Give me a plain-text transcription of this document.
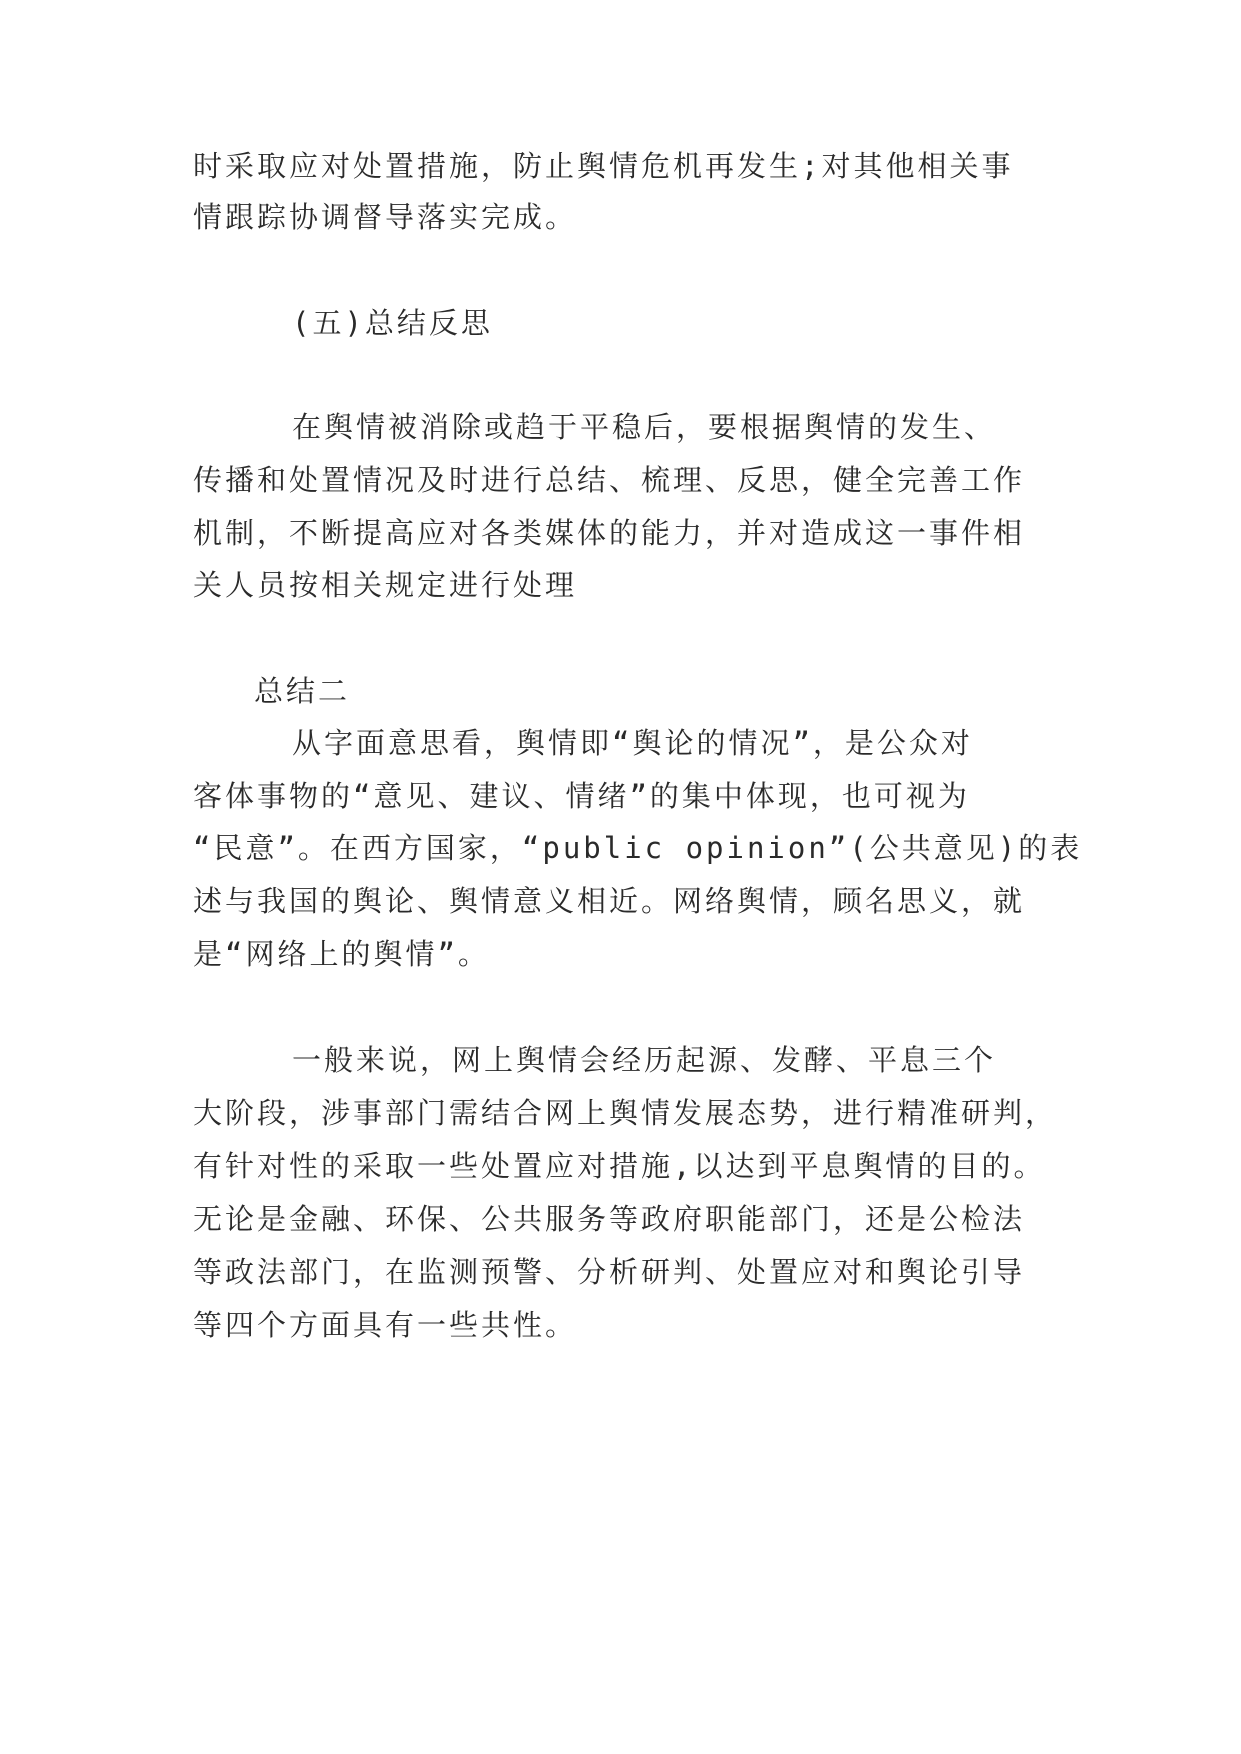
时采取应对处置措施，防止舆情危机再发生;对其他相关事
情跟踪协调督导落实完成。
(五)总结反思
在舆情被消除或趋于平稳后，要根据舆情的发生、
传播和处置情况及时进行总结、梳理、反思，健全完善工作
机制，不断提高应对各类媒体的能力，并对造成这一事件相
关人员按相关规定进行处理
总结二
从字面意思看，舆情即“舆论的情况”，是公众对
客体事物的“意见、建议、情绪”的集中体现，也可视为
“民意”。在西方国家，“public opinion”(公共意见)的表
述与我国的舆论、舆情意义相近。网络舆情，顾名思义，就
是“网络上的舆情”。
一般来说，网上舆情会经历起源、发酵、平息三个
大阶段，涉事部门需结合网上舆情发展态势，进行精准研判，
有针对性的采取一些处置应对措施,以达到平息舆情的目的。
无论是金融、环保、公共服务等政府职能部门，还是公检法
等政法部门，在监测预警、分析研判、处置应对和舆论引导
等四个方面具有一些共性。
